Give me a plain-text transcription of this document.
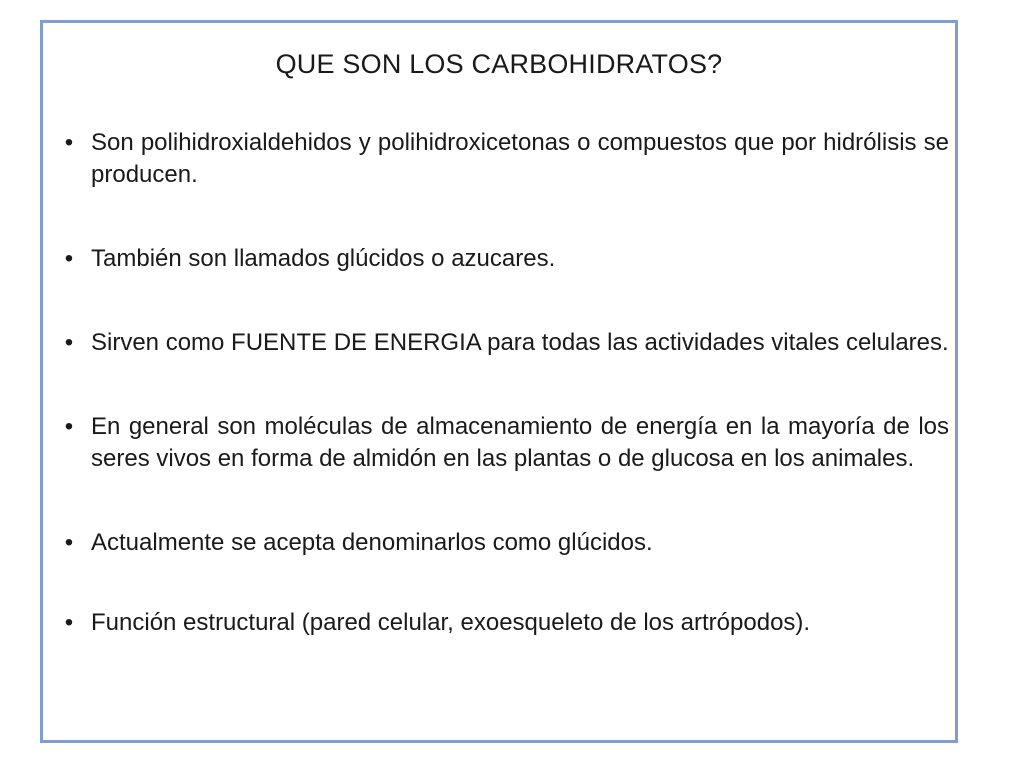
QUE SON LOS CARBOHIDRATOS?
• Son polihidroxialdehidos y polihidroxicetonas o compuestos que por hidrólisis se producen.
• También son llamados glúcidos o azucares.
• Sirven como FUENTE DE ENERGIA para todas las actividades vitales celulares.
• En general son moléculas de almacenamiento de energía en la mayoría de los seres vivos en forma de almidón en las plantas o de glucosa en los animales.
• Actualmente se acepta denominarlos como glúcidos.
• Función estructural (pared celular, exoesqueleto de los artrópodos).
